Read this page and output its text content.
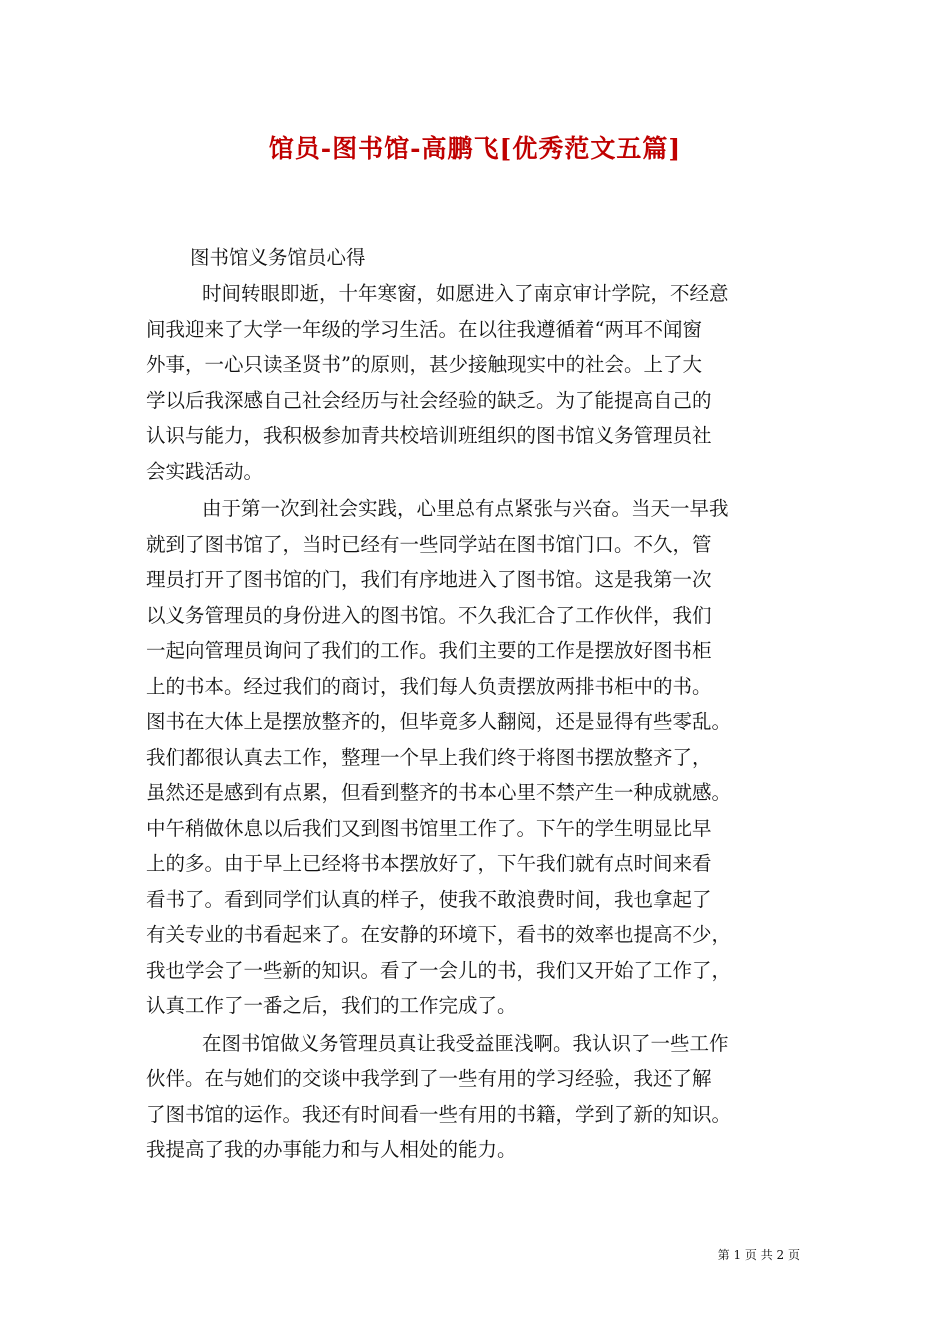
馆员-图书馆-高鹏飞[优秀范文五篇]
图书馆义务馆员心得
时间转眼即逝，十年寒窗，如愿进入了南京审计学院，不经意
间我迎来了大学一年级的学习生活。在以往我遵循着“两耳不闻窗
外事，一心只读圣贤书”的原则，甚少接触现实中的社会。上了大
学以后我深感自己社会经历与社会经验的缺乏。为了能提高自己的
认识与能力，我积极参加青共校培训班组织的图书馆义务管理员社
会实践活动。
由于第一次到社会实践，心里总有点紧张与兴奋。当天一早我
就到了图书馆了，当时已经有一些同学站在图书馆门口。不久，管
理员打开了图书馆的门，我们有序地进入了图书馆。这是我第一次
以义务管理员的身份进入的图书馆。不久我汇合了工作伙伴，我们
一起向管理员询问了我们的工作。我们主要的工作是摆放好图书柜
上的书本。经过我们的商讨，我们每人负责摆放两排书柜中的书。
图书在大体上是摆放整齐的，但毕竟多人翻阅，还是显得有些零乱。
我们都很认真去工作，整理一个早上我们终于将图书摆放整齐了，
虽然还是感到有点累，但看到整齐的书本心里不禁产生一种成就感。
中午稍做休息以后我们又到图书馆里工作了。下午的学生明显比早
上的多。由于早上已经将书本摆放好了，下午我们就有点时间来看
看书了。看到同学们认真的样子，使我不敢浪费时间，我也拿起了
有关专业的书看起来了。在安静的环境下，看书的效率也提高不少，
我也学会了一些新的知识。看了一会儿的书，我们又开始了工作了，
认真工作了一番之后，我们的工作完成了。
在图书馆做义务管理员真让我受益匪浅啊。我认识了一些工作
伙伴。在与她们的交谈中我学到了一些有用的学习经验，我还了解
了图书馆的运作。我还有时间看一些有用的书籍，学到了新的知识。
我提高了我的办事能力和与人相处的能力。
第 1 页 共 2 页
